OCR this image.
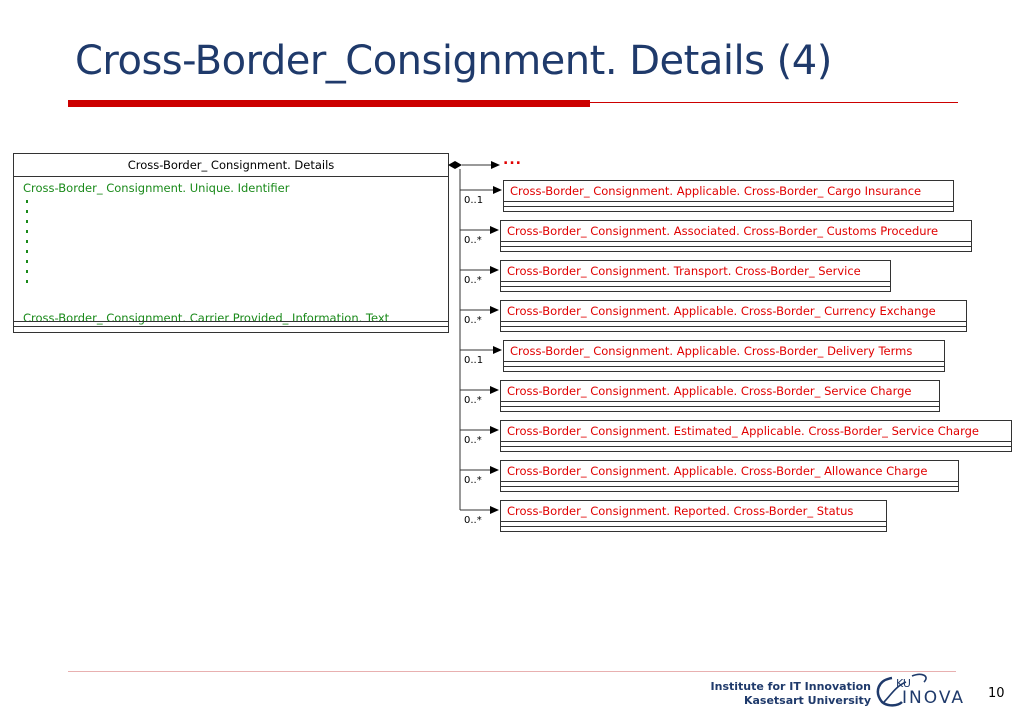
Cross-Border_Consignment. Details (4)
Cross-Border_ Consignment. Details
Cross-Border_ Consignment. Unique. Identifier
Cross-Border_ Consignment. Carrier Provided_ Information. Text
...
0..1
Cross-Border_ Consignment. Applicable. Cross-Border_ Cargo Insurance
0..*
Cross-Border_ Consignment. Associated. Cross-Border_ Customs Procedure
0..*
Cross-Border_ Consignment. Transport. Cross-Border_ Service
0..*
Cross-Border_ Consignment. Applicable. Cross-Border_ Currency Exchange
0..1
Cross-Border_ Consignment. Applicable. Cross-Border_ Delivery Terms
0..*
Cross-Border_ Consignment. Applicable. Cross-Border_ Service Charge
0..*
Cross-Border_ Consignment. Estimated_ Applicable. Cross-Border_ Service Charge
0..*
Cross-Border_ Consignment. Applicable. Cross-Border_ Allowance Charge
0..*
Cross-Border_ Consignment. Reported. Cross-Border_ Status
Institute for IT Innovation
Kasetsart University
KU
INOVA 10
